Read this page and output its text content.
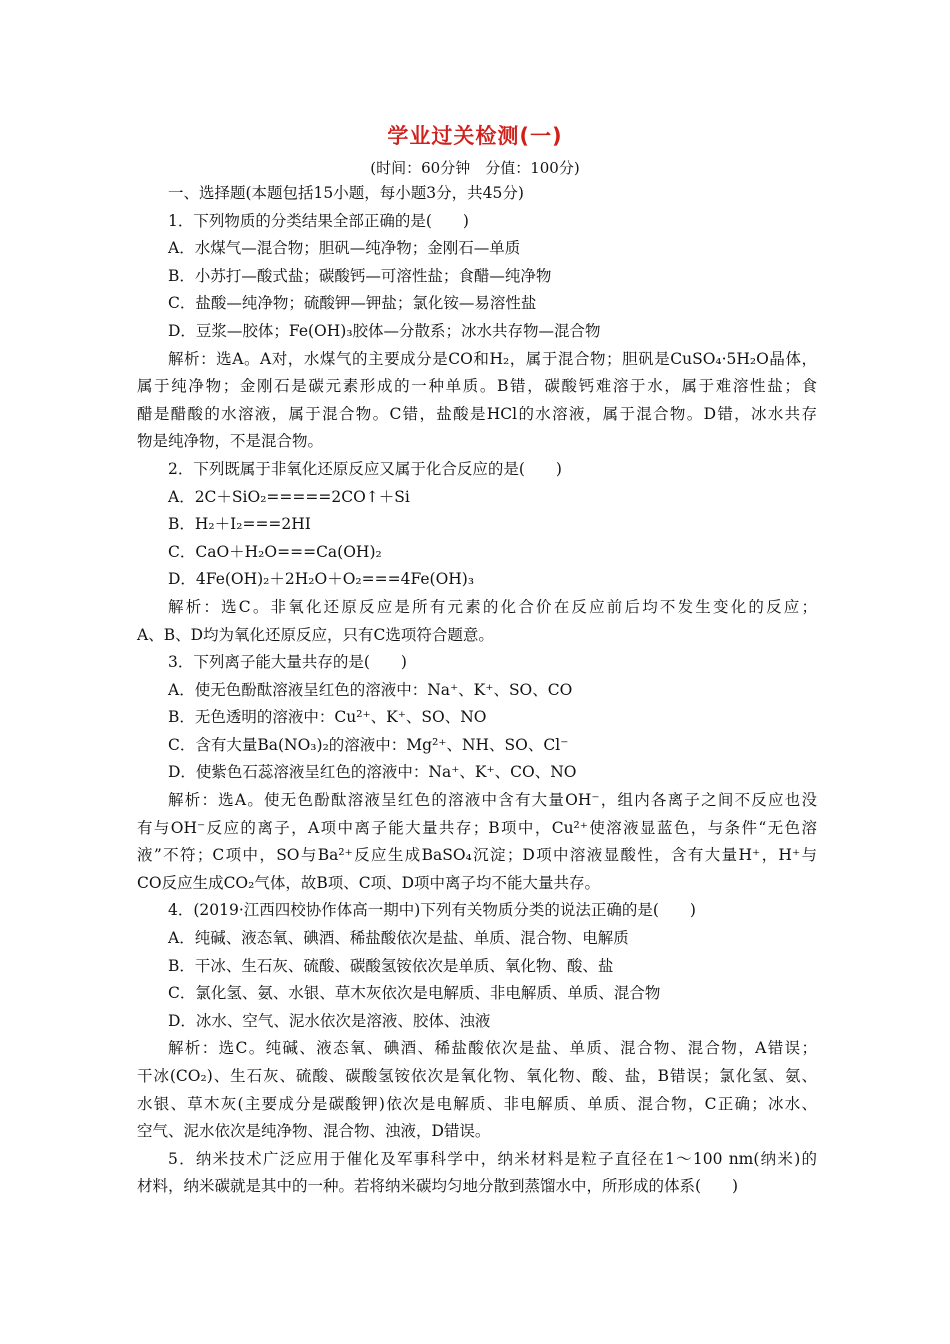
学业过关检测(一)
(时间：60分钟　分值：100分)
一、选择题(本题包括15小题，每小题3分，共45分)
1．下列物质的分类结果全部正确的是(　　)
A．水煤气—混合物；胆矾—纯净物；金刚石—单质
B．小苏打—酸式盐；碳酸钙—可溶性盐；食醋—纯净物
C．盐酸—纯净物；硫酸钾—钾盐；氯化铵—易溶性盐
D．豆浆—胶体；Fe(OH)₃胶体—分散系；冰水共存物—混合物
解析：选A。A对，水煤气的主要成分是CO和H₂，属于混合物；胆矾是CuSO₄·5H₂O晶体，
属于纯净物；金刚石是碳元素形成的一种单质。B错，碳酸钙难溶于水，属于难溶性盐；食
醋是醋酸的水溶液，属于混合物。C错，盐酸是HCl的水溶液，属于混合物。D错，冰水共存
物是纯净物，不是混合物。
2．下列既属于非氧化还原反应又属于化合反应的是(　　)
A．2C＋SiO₂=====2CO↑＋Si
B．H₂＋I₂===2HI
C．CaO＋H₂O===Ca(OH)₂
D．4Fe(OH)₂＋2H₂O＋O₂===4Fe(OH)₃
解析：选C。非氧化还原反应是所有元素的化合价在反应前后均不发生变化的反应；
A、B、D均为氧化还原反应，只有C选项符合题意。
3．下列离子能大量共存的是(　　)
A．使无色酚酞溶液呈红色的溶液中：Na⁺、K⁺、SO、CO
B．无色透明的溶液中：Cu²⁺、K⁺、SO、NO
C．含有大量Ba(NO₃)₂的溶液中：Mg²⁺、NH、SO、Cl⁻
D．使紫色石蕊溶液呈红色的溶液中：Na⁺、K⁺、CO、NO
解析：选A。使无色酚酞溶液呈红色的溶液中含有大量OH⁻，组内各离子之间不反应也没
有与OH⁻反应的离子，A项中离子能大量共存；B项中，Cu²⁺使溶液显蓝色，与条件“无色溶
液”不符；C项中，SO与Ba²⁺反应生成BaSO₄沉淀；D项中溶液显酸性，含有大量H⁺，H⁺与
CO反应生成CO₂气体，故B项、C项、D项中离子均不能大量共存。
4．(2019·江西四校协作体高一期中)下列有关物质分类的说法正确的是(　　)
A．纯碱、液态氧、碘酒、稀盐酸依次是盐、单质、混合物、电解质
B．干冰、生石灰、硫酸、碳酸氢铵依次是单质、氧化物、酸、盐
C．氯化氢、氨、水银、草木灰依次是电解质、非电解质、单质、混合物
D．冰水、空气、泥水依次是溶液、胶体、浊液
解析：选C。纯碱、液态氧、碘酒、稀盐酸依次是盐、单质、混合物、混合物，A错误；
干冰(CO₂)、生石灰、硫酸、碳酸氢铵依次是氧化物、氧化物、酸、盐，B错误；氯化氢、氨、
水银、草木灰(主要成分是碳酸钾)依次是电解质、非电解质、单质、混合物，C正确；冰水、
空气、泥水依次是纯净物、混合物、浊液，D错误。
5．纳米技术广泛应用于催化及军事科学中，纳米材料是粒子直径在1～100 nm(纳米)的
材料，纳米碳就是其中的一种。若将纳米碳均匀地分散到蒸馏水中，所形成的体系(　　)
